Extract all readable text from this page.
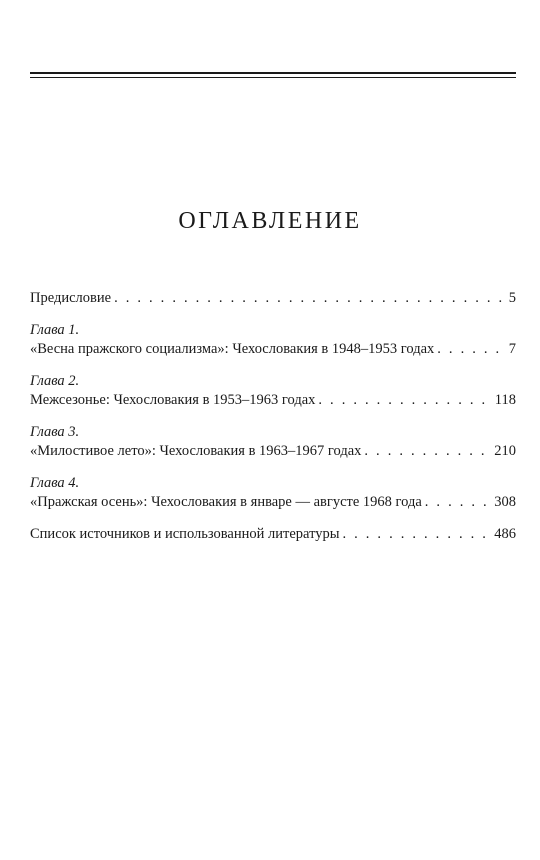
ОГЛАВЛЕНИЕ
Предисловие . . .	5
Глава 1.
«Весна пражского социализма»: Чехословакия в 1948–1953 годах . . .	7
Глава 2.
Межсезонье: Чехословакия в 1953–1963 годах . . .	118
Глава 3.
«Милостивое лето»: Чехословакия в 1963–1967 годах . . .	210
Глава 4.
«Пражская осень»: Чехословакия в январе — августе 1968 года . . .	308
Список источников и использованной литературы . . .	486
